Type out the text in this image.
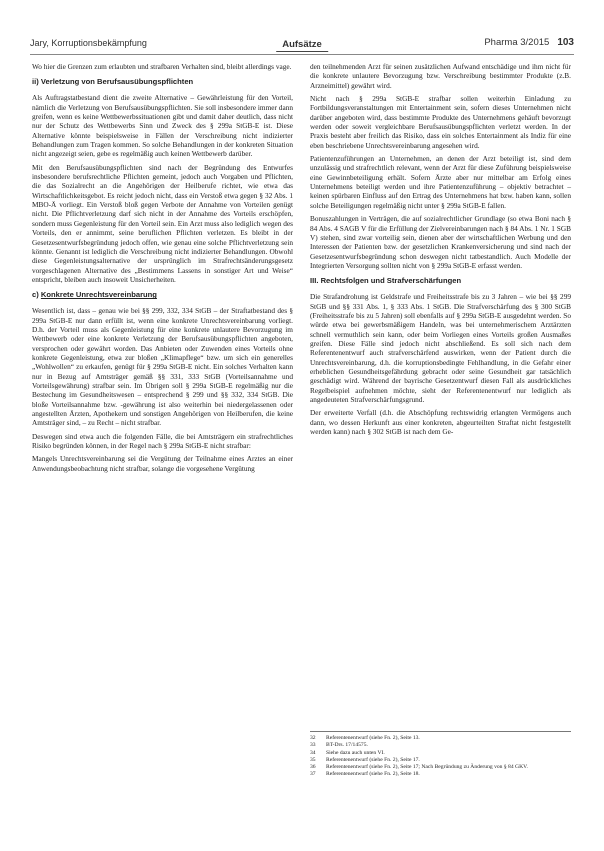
Jary, Korruptionsbekämpfung	Aufsätze	Pharma 3/2015 103

Wo hier die Grenzen zum erlaubten und strafbaren Verhalten sind, bleibt allerdings vage.

ii) Verletzung von Berufsausübungspflichten

Als Auftragstatbestand dient die zweite Alternative – Gewährleistung für den Vorteil, nämlich die Verletzung von Berufsausübungspflichten. Sie soll insbesondere immer dann greifen, wenn es keine Wettbewerbssituationen gibt und damit daher deutlich, dass nicht nur der Schutz des Wettbewerbs Sinn und Zweck des § 299a StGB-E ist. Diese Alternative könnte beispielsweise in Fällen der Verschreibung nicht indizierter Behandlungen zum Tragen kommen. So solche Behandlungen in der konkreten Situation nicht angezeigt seien, gebe es regelmäßig auch keinen Wettbewerb darüber.

Mit den Berufsausübungspflichten sind nach der Begründung des Entwurfes insbesondere berufsrechtliche Pflichten gemeint, jedoch auch Vorgaben und Pflichten, die das Sozialrecht an die Angehörigen der Heilberufe richtet, wie etwa das Wirtschaftlichkeitsgebot. Es reicht jedoch nicht, dass ein Verstoß etwa gegen § 32 Abs. 1 MBO-Ä vorliegt. Ein Verstoß bloß gegen Verbote der Annahme von Vorteilen genügt nicht. Die Pflichtverletzung darf sich nicht in der Annahme des Vorteils erschöpfen, sondern muss Gegenleistung für den Vorteil sein. Ein Arzt muss also lediglich wegen des Vorteils, den er annimmt, seine beruflichen Pflichten verletzen. Es bleibt in der Gesetzesentwurfsbegründung jedoch offen, wie genau eine solche Pflichtverletzung sein könnte. Genannt ist lediglich die Verschreibung nicht indizierter Behandlungen. Obwohl diese Gegenleistungsalternative der ursprünglich im Strafrechtsänderungsgesetz vorgeschlagenen Alternative des „Bestimmens Lassens in sonstiger Art und Weise“ entspricht, bleiben auch insoweit Unsicherheiten.

c) Konkrete Unrechtsvereinbarung

Wesentlich ist, dass – genau wie bei §§ 299, 332, 334 StGB – der Straftatbestand des § 299a StGB-E nur dann erfüllt ist, wenn eine konkrete Unrechtsvereinbarung vorliegt. D.h. der Vorteil muss als Gegenleistung für eine konkrete unlautere Bevorzugung im Wettbewerb oder eine konkrete Verletzung der Berufsausübungspflichten angeboten, versprochen oder gewährt worden. Das Anbieten oder Zuwenden eines Vorteils ohne konkrete Gegenleistung, etwa zur bloßen „Klimapflege“ bzw. um sich ein generelles „Wohlwollen“ zu erkaufen, genügt für § 299a StGB-E nicht. Ein solches Verhalten kann nur in Bezug auf Amtsträger gemäß §§ 331, 333 StGB (Vorteilsannahme und Vorteilsgewährung) strafbar sein. Im Übrigen soll § 299a StGB-E regelmäßig nur die Bestechung im Gesundheitswesen – entsprechend § 299 und §§ 332, 334 StGB. Die bloße Vorteilsannahme bzw. -gewährung ist also weiterhin bei niedergelassenen oder angestellten Ärzten, Apothekern und sonstigen Angehörigen von Heilberufen, die keine Amtsträger sind, – zu Recht – nicht strafbar.

Deswegen sind etwa auch die folgenden Fälle, die bei Amtsträgern ein strafrechtliches Risiko begründen können, in der Regel nach § 299a StGB-E nicht strafbar:

Mangels Unrechtsvereinbarung sei die Vergütung der Teilnahme eines Arztes an einer Anwendungsbeobachtung nicht strafbar, solange die vorgesehene Vergütung

den teilnehmenden Arzt für seinen zusätzlichen Aufwand entschädige und ihm nicht für die konkrete unlautere Bevorzugung bzw. Verschreibung bestimmter Produkte (z.B. Arzneimittel) gewährt wird.

Nicht nach § 299a StGB-E strafbar sollen weiterhin Einladung zu Fortbildungsveranstaltungen mit Entertainment sein, sofern dieses Unternehmen nicht darüber angeboten wird, dass bestimmte Produkte des Unternehmens gehäuft bevorzugt werden oder soweit vergleichbare Berufsausübungspflichten verletzt werden. In der Praxis besteht aber freilich das Risiko, dass ein solches Entertainment als Indiz für eine eben beschriebene Unrechtsvereinbarung angesehen wird.

Patientenzuführungen an Unternehmen, an denen der Arzt beteiligt ist, sind dem unzulässig und strafrechtlich relevant, wenn der Arzt für diese Zuführung beispielsweise eine Gewinnbeteiligung erhält. Sofern Ärzte aber nur mittelbar am Erfolg eines Unternehmens beteiligt werden und ihre Patientenzuführung – objektiv betrachtet – keinen spürbaren Einfluss auf den Ertrag des Unternehmens hat bzw. haben kann, sollen solche Beteiligungen regelmäßig nicht unter § 299a StGB-E fallen.

Bonuszahlungen in Verträgen, die auf sozialrechtlicher Grundlage (so etwa Boni nach § 84 Abs. 4 SAGB V für die Erfüllung der Zielvereinbarungen nach § 84 Abs. 1 Nr. 1 SGB V) stehen, sind zwar vorteilig sein, dienen aber der wirtschaftlichen Werbung und den Interessen der Patienten bzw. der gesetzlichen Krankenversicherung und sind nach der Gesetzesentwurfsbegründung schon deswegen nicht tatbestandlich. Auch Modelle der Integrierten Versorgung sollten nicht von § 299a StGB-E erfasst werden.

III. Rechtsfolgen und Strafverschärfungen

Die Strafandrohung ist Geldstrafe und Freiheitsstrafe bis zu 3 Jahren – wie bei §§ 299 StGB und §§ 331 Abs. 1, § 333 Abs. 1 StGB. Die Strafverschärfung des § 300 StGB (Freiheitsstrafe bis zu 5 Jahren) soll ebenfalls auf § 299a StGB-E ausgedehnt werden. So würde etwa bei gewerbsmäßigem Handeln, was bei unternehmerischem Arztärzten schnell vermuthlich sein kann, oder beim Vorliegen eines Vorteils großen Ausmaßes greifen. Diese Fälle sind jedoch nicht abschließend. Es soll sich nach dem Referentenentwurf auch strafverschärfend auswirken, wenn der Patient durch die Unrechtsvereinbarung, d.h. die korruptionsbedingte Fehlhandlung, in die Gefahr einer erheblichen Gesundheitsgefährdung gebracht oder seine Gesundheit gar tatsächlich geschädigt wird. Während der bayrische Gesetzentwurf diesen Fall als ausdrückliches Regelbeispiel aufnehmen möchte, sieht der Referentenentwurf nur lediglich als angedeuteten Strafverschärfungsgrund.

Der erweiterte Verfall (d.h. die Abschöpfung rechtswidrig erlangten Vermögens auch dann, wo dessen Herkunft aus einer konkreten, abgeurteilten Straftat nicht festgestellt werden kann) nach § 302 StGB ist nach dem Ge-

32	Referentenentwurf (siehe Fn. 2), Seite 13.
33	BT-Drs. 17/14575.
34	Siehe dazu auch unten VI.
35	Referentenentwurf (siehe Fn. 2), Seite 17.
36	Referentenentwurf (siehe Fn. 2), Seite 17; Nach Begründung zu Änderung von § 84 GKV.
37	Referentenentwurf (siehe Fn. 2), Seite 18.
